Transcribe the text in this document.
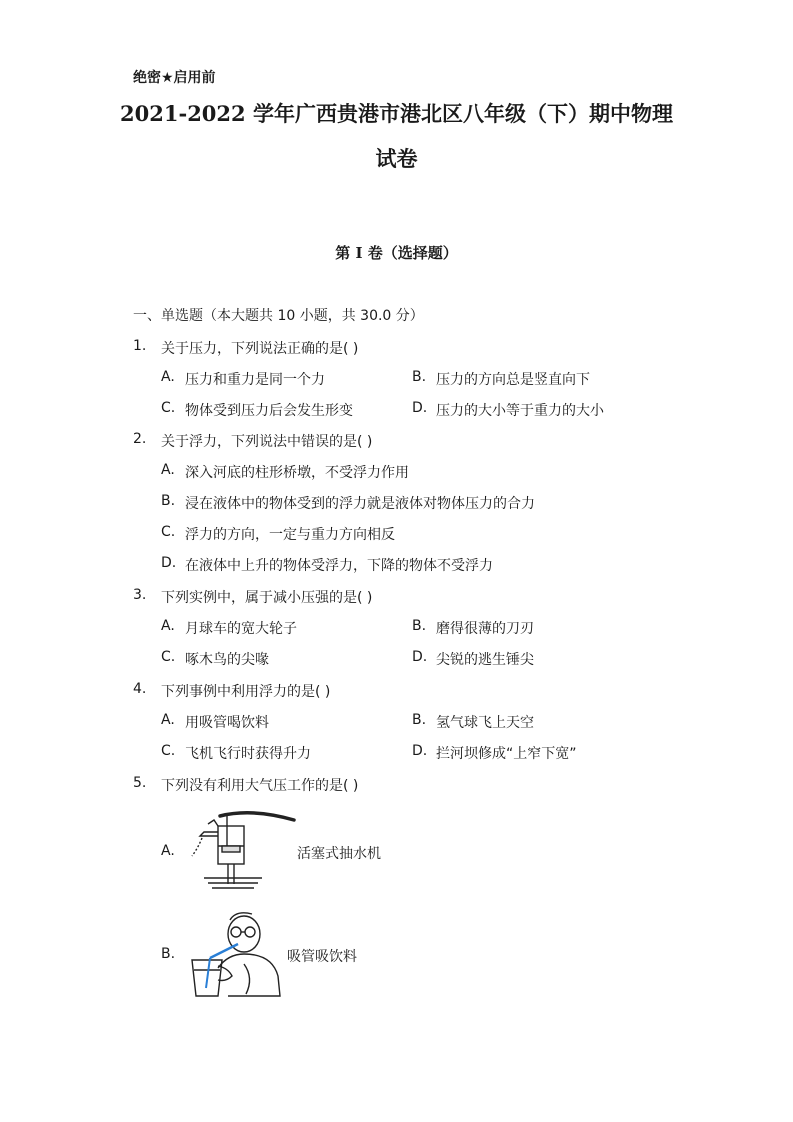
绝密★启用前
2021-2022 学年广西贵港市港北区八年级（下）期中物理
试卷
第 I 卷（选择题）
一、单选题（本大题共 10 小题，共 30.0 分）
1. 关于压力，下列说法正确的是( )
A. 压力和重力是同一个力	B. 压力的方向总是竖直向下
C. 物体受到压力后会发生形变	D. 压力的大小等于重力的大小
2. 关于浮力，下列说法中错误的是( )
A. 深入河底的柱形桥墩，不受浮力作用
B. 浸在液体中的物体受到的浮力就是液体对物体压力的合力
C. 浮力的方向，一定与重力方向相反
D. 在液体中上升的物体受浮力，下降的物体不受浮力
3. 下列实例中，属于减小压强的是( )
A. 月球车的宽大轮子	B. 磨得很薄的刀刃
C. 啄木鸟的尖喙	D. 尖锐的逃生锤尖
4. 下列事例中利用浮力的是( )
A. 用吸管喝饮料	B. 氢气球飞上天空
C. 飞机飞行时获得升力	D. 拦河坝修成“上窄下宽”
5. 下列没有利用大气压工作的是( )
A.	活塞式抽水机
B.	吸管吸饮料
